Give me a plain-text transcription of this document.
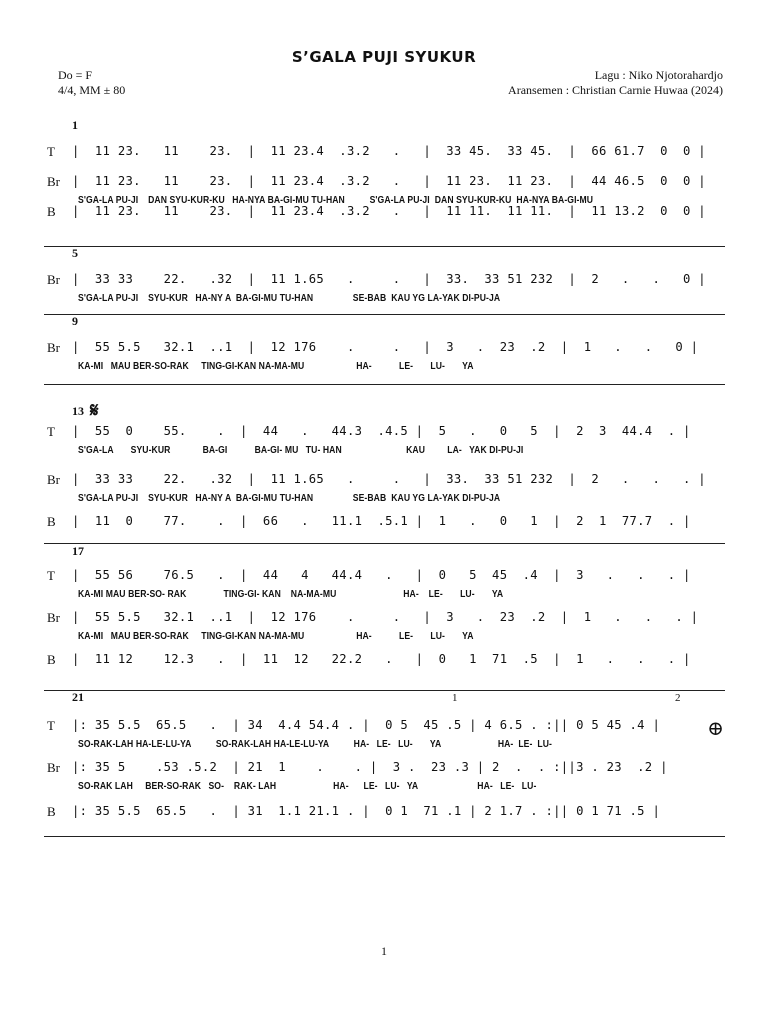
S’GALA PUJI SYUKUR
Do = F
4/4, MM ± 80
Lagu : Niko Njotorahardjo
Aransemen : Christian Carnie Huwaa (2024)
1
T |  11 23.   11    23.  |  11 23.4  .3.2   .   |  33 45.  33 45.  |  66 61.7  0  0 |
Br |  11 23.   11    23.  |  11 23.4  .3.2   .   |  11 23.  11 23.  |  44 46.5  0  0 |
S'GA-LA PU-JI    DAN SYU-KUR-KU   HA-NYA BA-GI-MU TU-HAN          S'GA-LA PU-JI  DAN SYU-KUR-KU  HA-NYA BA-GI-MU
B |  11 23.   11    23.  |  11 23.4  .3.2   .   |  11 11.  11 11.  |  11 13.2  0  0 |
5
Br |  33 33    22.   .32  |  11 1.65   .     .   |  33.  33 51 232  |  2   .   .   0 |
S'GA-LA PU-JI    SYU-KUR   HA-NY A  BA-GI-MU TU-HAN                SE-BAB  KAU YG LA-YAK DI-PU-JA
9
Br |  55 5.5   32.1  ..1  |  12 176    .     .   |  3   .  23  .2  |  1   .   .   0 |
KA-MI   MAU BER-SO-RAK     TING-GI-KAN NA-MA-MU                     HA-           LE-       LU-       YA
13 𝄋
T |  55  0    55.    .  |  44   .   44.3  .4.5 |  5   .   0   5  |  2  3  44.4  . |
S'GA-LA       SYU-KUR             BA-GI           BA-GI- MU   TU- HAN                          KAU         LA-   YAK DI-PU-JI
Br |  33 33    22.   .32  |  11 1.65   .     .   |  33.  33 51 232  |  2   .   .   . |
S'GA-LA PU-JI    SYU-KUR   HA-NY A  BA-GI-MU TU-HAN                SE-BAB  KAU YG LA-YAK DI-PU-JA
B |  11  0    77.    .  |  66   .   11.1  .5.1 |  1   .   0   1  |  2  1  77.7  . |
17
T |  55 56    76.5   .  |  44   4   44.4   .   |  0   5  45  .4  |  3   .   .   . |
KA-MI MAU BER-SO- RAK               TING-GI- KAN    NA-MA-MU                           HA-    LE-       LU-       YA
Br |  55 5.5   32.1  ..1  |  12 176    .     .   |  3   .  23  .2  |  1   .   .   . |
KA-MI   MAU BER-SO-RAK     TING-GI-KAN NA-MA-MU                     HA-           LE-       LU-       YA
B |  11 12    12.3   .  |  11  12   22.2   .   |  0   1  71  .5  |  1   .   .   . |
21
T |: 35 5.5  65.5   .  | 34  4.4 54.4 . |  0 5  45 .5 | 4 6.5 . :|| 0 5 45 .4 |
SO-RAK-LAH HA-LE-LU-YA          SO-RAK-LAH HA-LE-LU-YA          HA-   LE-   LU-       YA                       HA-  LE-  LU-
Br |: 35 5    .53 .5.2  | 21  1    .    . |  3 .  23 .3 | 2  .  . :||3 . 23  .2 |
SO-RAK LAH     BER-SO-RAK   SO-    RAK- LAH                       HA-      LE-   LU-   YA                        HA-   LE-   LU-
B |: 35 5.5  65.5   .  | 31  1.1 21.1 . |  0 1  71 .1 | 2 1.7 . :|| 0 1 71 .5 |
⊕
1	2
1
